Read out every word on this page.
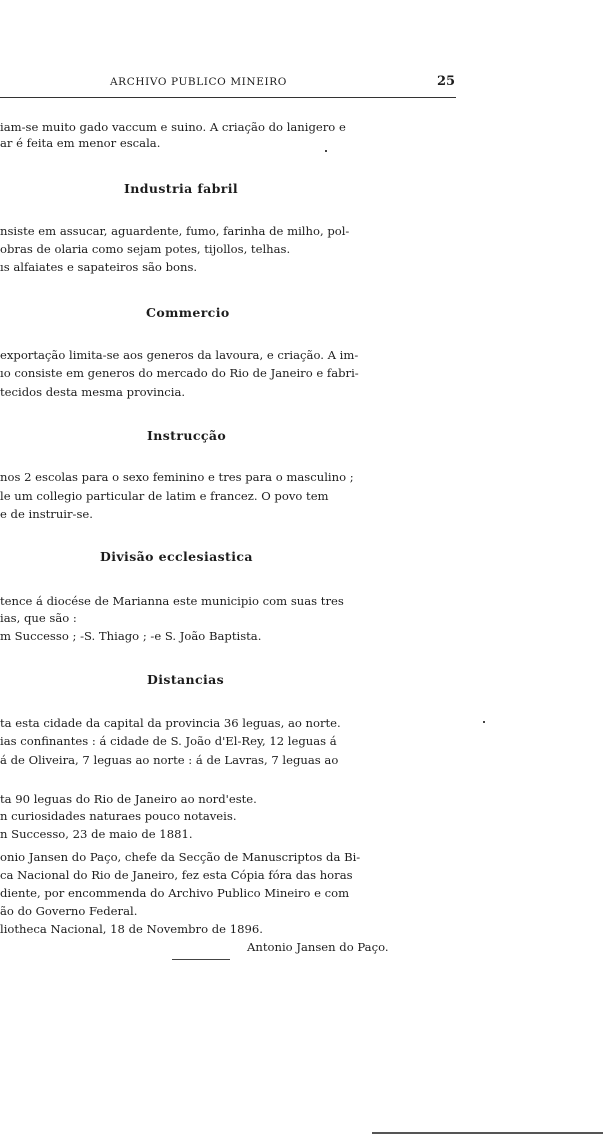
ARCHIVO PUBLICO MINEIRO	25
iam-se muito gado vaccum e suino. A criação do lanigero e
ar é feita em menor escala.
Industria fabril
nsiste em assucar, aguardente, fumo, farinha de milho, pol-
obras de olaria como sejam potes, tijollos, telhas.
ıs alfaiates e sapateiros são bons.
Commercio
exportação limita-se aos generos da lavoura, e criação. A im-
ıo consiste em generos do mercado do Rio de Janeiro e fabri-
tecidos desta mesma provincia.
Instrucção
nos 2 escolas para o sexo feminino e tres para o masculino ;
le um collegio particular de latim e francez. O povo tem
e de instruir-se.
Divisão ecclesiastica
tence á diocése de Marianna este municipio com suas tres
ias, que são :
m Successo ; -S. Thiago ; -e S. João Baptista.
Distancias
ta esta cidade da capital da provincia 36 leguas, ao norte.
ias confinantes : á cidade de S. João d'El-Rey, 12 leguas á
á de Oliveira, 7 leguas ao norte : á de Lavras, 7 leguas ao
ta 90 leguas do Rio de Janeiro ao nord'este.
n curiosidades naturaes pouco notaveis.
n Successo, 23 de maio de 1881.
onio Jansen do Paço, chefe da Secção de Manuscriptos da Bi-
ca Nacional do Rio de Janeiro, fez esta Cópia fóra das horas
diente, por encommenda do Archivo Publico Mineiro e com
ão do Governo Federal.
liotheca Nacional, 18 de Novembro de 1896.
Antonio Jansen do Paço.
